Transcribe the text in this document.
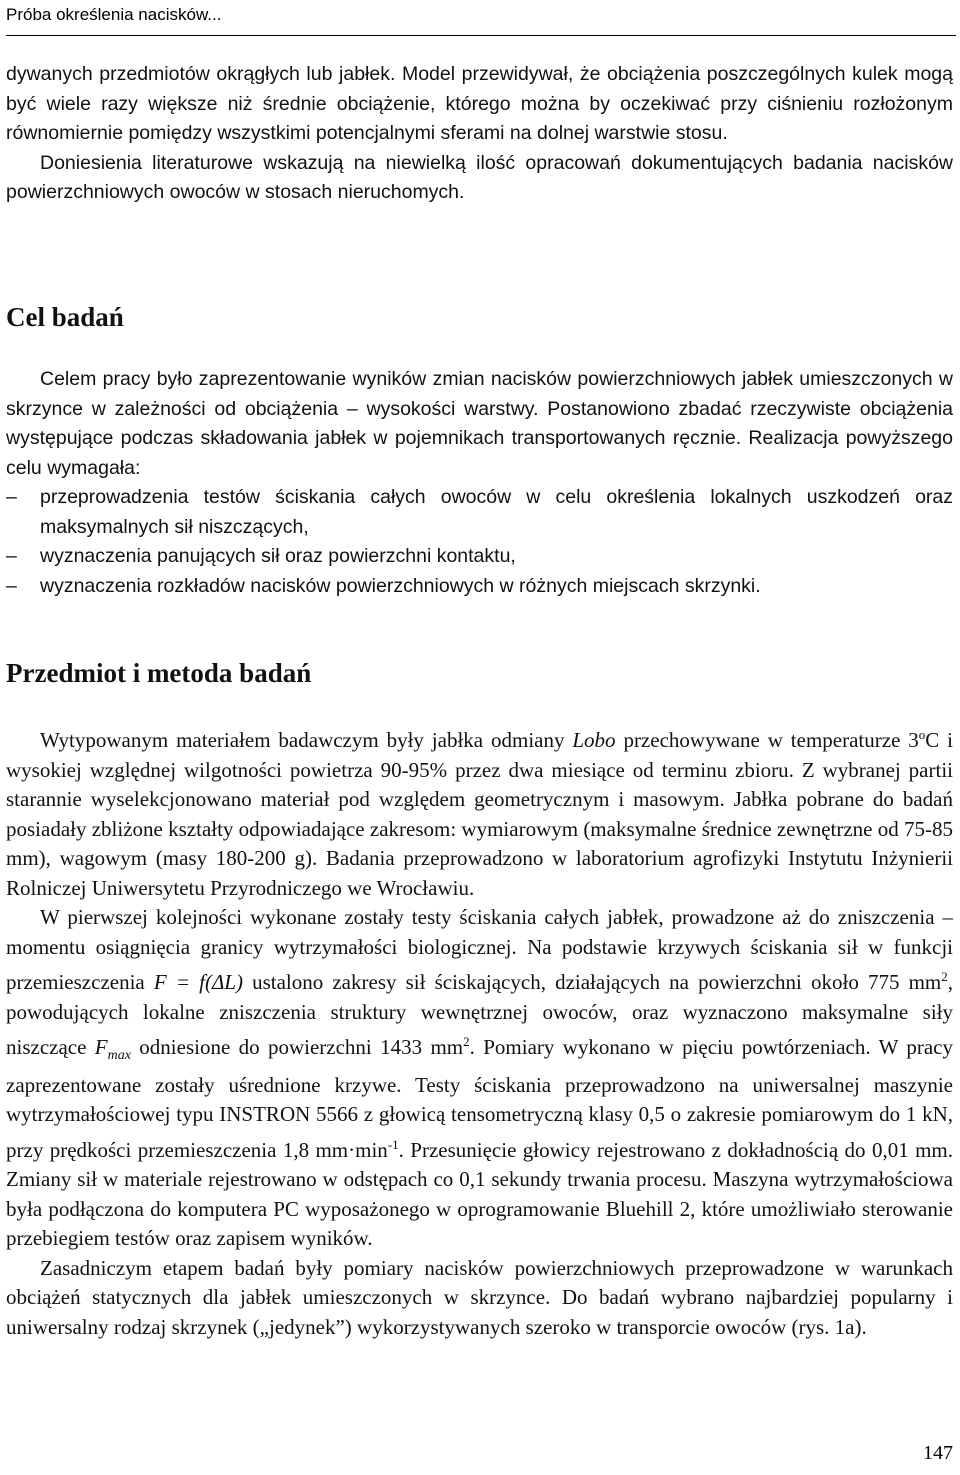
Próba określenia nacisków...

dywanych przedmiotów okrągłych lub jabłek. Model przewidywał, że obciążenia poszczególnych kulek mogą być wiele razy większe niż średnie obciążenie, którego można by oczekiwać przy ciśnieniu rozłożonym równomiernie pomiędzy wszystkimi potencjalnymi sferami na dolnej warstwie stosu.

Doniesienia literaturowe wskazują na niewielką ilość opracowań dokumentujących badania nacisków powierzchniowych owoców w stosach nieruchomych.

Cel badań

Celem pracy było zaprezentowanie wyników zmian nacisków powierzchniowych jabłek umieszczonych w skrzynce w zależności od obciążenia – wysokości warstwy. Postanowiono zbadać rzeczywiste obciążenia występujące podczas składowania jabłek w pojemnikach transportowanych ręcznie. Realizacja powyższego celu wymagała:

– przeprowadzenia testów ściskania całych owoców w celu określenia lokalnych uszkodzeń oraz maksymalnych sił niszczących,
– wyznaczenia panujących sił oraz powierzchni kontaktu,
– wyznaczenia rozkładów nacisków powierzchniowych w różnych miejscach skrzynki.
Przedmiot i metoda badań

Wytypowanym materiałem badawczym były jabłka odmiany Lobo przechowywane w temperaturze 3$^o$C i wysokiej względnej wilgotności powietrza 90-95% przez dwa miesiące od terminu zbioru. Z wybranej partii starannie wyselekcjonowano materiał pod względem geometrycznym i masowym. Jabłka pobrane do badań posiadały zbliżone kształty odpowiadające zakresom: wymiarowym (maksymalne średnice zewnętrzne od 75-85 mm), wagowym (masy 180-200 g). Badania przeprowadzono w laboratorium agrofizyki Instytutu Inżynierii Rolniczej Uniwersytetu Przyrodniczego we Wrocławiu.

W pierwszej kolejności wykonane zostały testy ściskania całych jabłek, prowadzone aż do zniszczenia – momentu osiągnięcia granicy wytrzymałości biologicznej. Na podstawie krzywych ściskania sił w funkcji przemieszczenia F = f(ΔL) ustalono zakresy sił ściskających, działających na powierzchni około 775 $mm^2$, powodujących lokalne zniszczenia struktury wewnętrznej owoców, oraz wyznaczono maksymalne siły niszczące $F_{max}$ odniesione do powierzchni 1433 $mm^2$. Pomiary wykonano w pięciu powtórzeniach. W pracy zaprezentowane zostały uśrednione krzywe. Testy ściskania przeprowadzono na uniwersalnej maszynie wytrzymałościowej typu INSTRON 5566 z głowicą tensometryczną klasy 0,5 o zakresie pomiarowym do 1 kN, przy prędkości przemieszczenia 1,8 $mm\cdot\min^{-1}$. Przesunięcie głowicy rejestrowano z dokładnością do 0,01 mm. Zmiany sił w materiale rejestrowano w odstępach co 0,1 sekundy trwania procesu. Maszyna wytrzymałościowa była podłączona do komputera PC wyposażonego w oprogramowanie Bluehill 2, które umożliwiało sterowanie przebiegiem testów oraz zapisem wyników.

Zasadniczym etapem badań były pomiary nacisków powierzchniowych przeprowadzone w warunkach obciążeń statycznych dla jabłek umieszczonych w skrzynce. Do badań wybrano najbardziej popularny i uniwersalny rodzaj skrzynek („jedynek”) wykorzystywanych szeroko w transporcie owoców (rys. 1a).

147
